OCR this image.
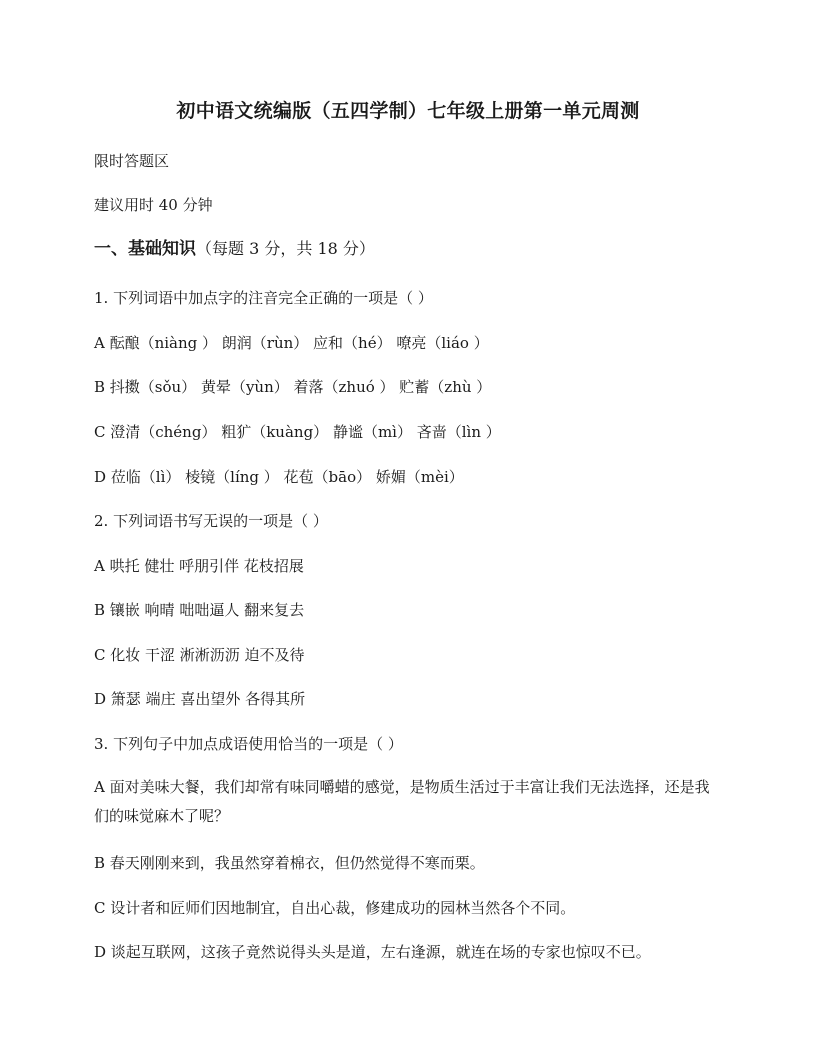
初中语文统编版（五四学制）七年级上册第一单元周测
限时答题区
建议用时 40 分钟
一、基础知识（每题 3 分，共 18 分）
1. 下列词语中加点字的注音完全正确的一项是（ ）
A 酝酿（niàng ） 朗润（rùn） 应和（hé） 嘹亮（liáo ）
B 抖擞（sǒu） 黄晕（yùn） 着落（zhuó ） 贮蓄（zhù ）
C 澄清（chéng） 粗犷（kuàng） 静谧（mì） 吝啬（lìn ）
D 莅临（lì） 棱镜（líng ） 花苞（bāo） 娇媚（mèi）
2. 下列词语书写无误的一项是（ ）
A 哄托 健壮 呼朋引伴 花枝招展
B 镶嵌 响晴 咄咄逼人 翻来复去
C 化妆 干涩 淅淅沥沥 迫不及待
D 箫瑟 端庄 喜出望外 各得其所
3. 下列句子中加点成语使用恰当的一项是（ ）
A 面对美味大餐，我们却常有味同嚼蜡的感觉，是物质生活过于丰富让我们无法选择，还是我们的味觉麻木了呢？
B 春天刚刚来到，我虽然穿着棉衣，但仍然觉得不寒而栗。
C 设计者和匠师们因地制宜，自出心裁，修建成功的园林当然各个不同。
D 谈起互联网，这孩子竟然说得头头是道，左右逢源，就连在场的专家也惊叹不已。
